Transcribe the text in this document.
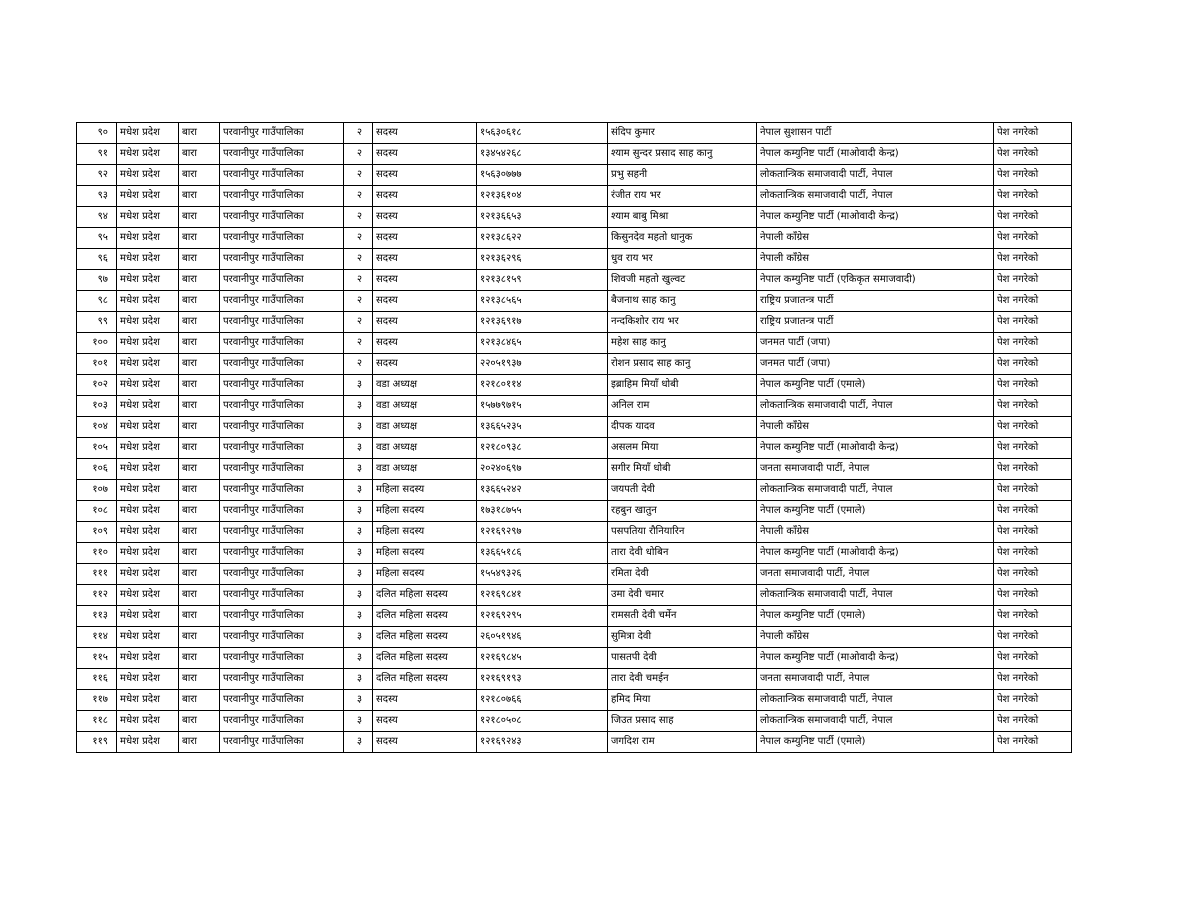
९०	मधेश प्रदेश	बारा	परवानीपुर गाउँपालिका	२	सदस्य	१५६३०६१८	संदिप कुमार	नेपाल सुशासन पार्टी	पेश नगरेको
९१	मधेश प्रदेश	बारा	परवानीपुर गाउँपालिका	२	सदस्य	१३४५४२६८	श्याम सुन्दर प्रसाद साह कानु	नेपाल कम्युनिष्ट पार्टी (माओवादी केन्द्र)	पेश नगरेको
९२	मधेश प्रदेश	बारा	परवानीपुर गाउँपालिका	२	सदस्य	१५६३०७७७	प्रभु सहनी	लोकतान्त्रिक समाजवादी पार्टी, नेपाल	पेश नगरेको
९३	मधेश प्रदेश	बारा	परवानीपुर गाउँपालिका	२	सदस्य	१२१३६१०४	रंजीत राय भर	लोकतान्त्रिक समाजवादी पार्टी, नेपाल	पेश नगरेको
९४	मधेश प्रदेश	बारा	परवानीपुर गाउँपालिका	२	सदस्य	१२१३६६५३	श्याम बाबु मिश्रा	नेपाल कम्युनिष्ट पार्टी (माओवादी केन्द्र)	पेश नगरेको
९५	मधेश प्रदेश	बारा	परवानीपुर गाउँपालिका	२	सदस्य	१२१३८६२२	किसुनदेव महतो धानुक	नेपाली काँग्रेस	पेश नगरेको
९६	मधेश प्रदेश	बारा	परवानीपुर गाउँपालिका	२	सदस्य	१२१३६२९६	धुव राय भर	नेपाली काँग्रेस	पेश नगरेको
९७	मधेश प्रदेश	बारा	परवानीपुर गाउँपालिका	२	सदस्य	१२१३८१५९	शिवजी महतो खुल्वट	नेपाल कम्युनिष्ट पार्टी (एकिकृत समाजवादी)	पेश नगरेको
९८	मधेश प्रदेश	बारा	परवानीपुर गाउँपालिका	२	सदस्य	१२१३८५६५	बैजनाथ साह कानु	राष्ट्रिय प्रजातन्त्र पार्टी	पेश नगरेको
९९	मधेश प्रदेश	बारा	परवानीपुर गाउँपालिका	२	सदस्य	१२१३६९१७	नन्दकिशोर राय भर	राष्ट्रिय प्रजातन्त्र पार्टी	पेश नगरेको
१००	मधेश प्रदेश	बारा	परवानीपुर गाउँपालिका	२	सदस्य	१२१३८४६५	महेश साह कानु	जनमत पार्टी (जपा)	पेश नगरेको
१०१	मधेश प्रदेश	बारा	परवानीपुर गाउँपालिका	२	सदस्य	२२०५१९३७	रोशन प्रसाद साह कानु	जनमत पार्टी (जपा)	पेश नगरेको
१०२	मधेश प्रदेश	बारा	परवानीपुर गाउँपालिका	३	वडा अध्यक्ष	१२१८०११४	इब्राहिम मियाँ धोबी	नेपाल कम्युनिष्ट पार्टी (एमाले)	पेश नगरेको
१०३	मधेश प्रदेश	बारा	परवानीपुर गाउँपालिका	३	वडा अध्यक्ष	१५७७९७१५	अनिल राम	लोकतान्त्रिक समाजवादी पार्टी, नेपाल	पेश नगरेको
१०४	मधेश प्रदेश	बारा	परवानीपुर गाउँपालिका	३	वडा अध्यक्ष	१३६६५२३५	दीपक यादव	नेपाली काँग्रेस	पेश नगरेको
१०५	मधेश प्रदेश	बारा	परवानीपुर गाउँपालिका	३	वडा अध्यक्ष	१२१८०९३८	असलम मिया	नेपाल कम्युनिष्ट पार्टी (माओवादी केन्द्र)	पेश नगरेको
१०६	मधेश प्रदेश	बारा	परवानीपुर गाउँपालिका	३	वडा अध्यक्ष	२०२४०६९७	सगीर मियाँ धोबी	जनता समाजवादी पार्टी, नेपाल	पेश नगरेको
१०७	मधेश प्रदेश	बारा	परवानीपुर गाउँपालिका	३	महिला सदस्य	१३६६५२४२	जयपती देवी	लोकतान्त्रिक समाजवादी पार्टी, नेपाल	पेश नगरेको
१०८	मधेश प्रदेश	बारा	परवानीपुर गाउँपालिका	३	महिला सदस्य	१७३१८७५५	रहबुन खातुन	नेपाल कम्युनिष्ट पार्टी (एमाले)	पेश नगरेको
१०९	मधेश प्रदेश	बारा	परवानीपुर गाउँपालिका	३	महिला सदस्य	१२१६९२९७	पसपतिया रौनियारिन	नेपाली काँग्रेस	पेश नगरेको
११०	मधेश प्रदेश	बारा	परवानीपुर गाउँपालिका	३	महिला सदस्य	१३६६५१८६	तारा देवी धोबिन	नेपाल कम्युनिष्ट पार्टी (माओवादी केन्द्र)	पेश नगरेको
१११	मधेश प्रदेश	बारा	परवानीपुर गाउँपालिका	३	महिला सदस्य	१५५४९३२६	रमिता देवी	जनता समाजवादी पार्टी, नेपाल	पेश नगरेको
११२	मधेश प्रदेश	बारा	परवानीपुर गाउँपालिका	३	दलित महिला सदस्य	१२१६९८४१	उमा देवी चमार	लोकतान्त्रिक समाजवादी पार्टी, नेपाल	पेश नगरेको
११३	मधेश प्रदेश	बारा	परवानीपुर गाउँपालिका	३	दलित महिला सदस्य	१२१६९२९५	रामसती देवी चर्मेन	नेपाल कम्युनिष्ट पार्टी (एमाले)	पेश नगरेको
११४	मधेश प्रदेश	बारा	परवानीपुर गाउँपालिका	३	दलित महिला सदस्य	२६०५१९४६	सुमित्रा देवी	नेपाली काँग्रेस	पेश नगरेको
११५	मधेश प्रदेश	बारा	परवानीपुर गाउँपालिका	३	दलित महिला सदस्य	१२१६९८४५	पासतपी देवी	नेपाल कम्युनिष्ट पार्टी (माओवादी केन्द्र)	पेश नगरेको
११६	मधेश प्रदेश	बारा	परवानीपुर गाउँपालिका	३	दलित महिला सदस्य	१२१६९१९३	तारा देवी चमईन	जनता समाजवादी पार्टी, नेपाल	पेश नगरेको
११७	मधेश प्रदेश	बारा	परवानीपुर गाउँपालिका	३	सदस्य	१२१८०७६६	हमिद मिया	लोकतान्त्रिक समाजवादी पार्टी, नेपाल	पेश नगरेको
११८	मधेश प्रदेश	बारा	परवानीपुर गाउँपालिका	३	सदस्य	१२१८०५०८	जिउत प्रसाद साह	लोकतान्त्रिक समाजवादी पार्टी, नेपाल	पेश नगरेको
११९	मधेश प्रदेश	बारा	परवानीपुर गाउँपालिका	३	सदस्य	१२१६९२४३	जगदिश राम	नेपाल कम्युनिष्ट पार्टी (एमाले)	पेश नगरेको
